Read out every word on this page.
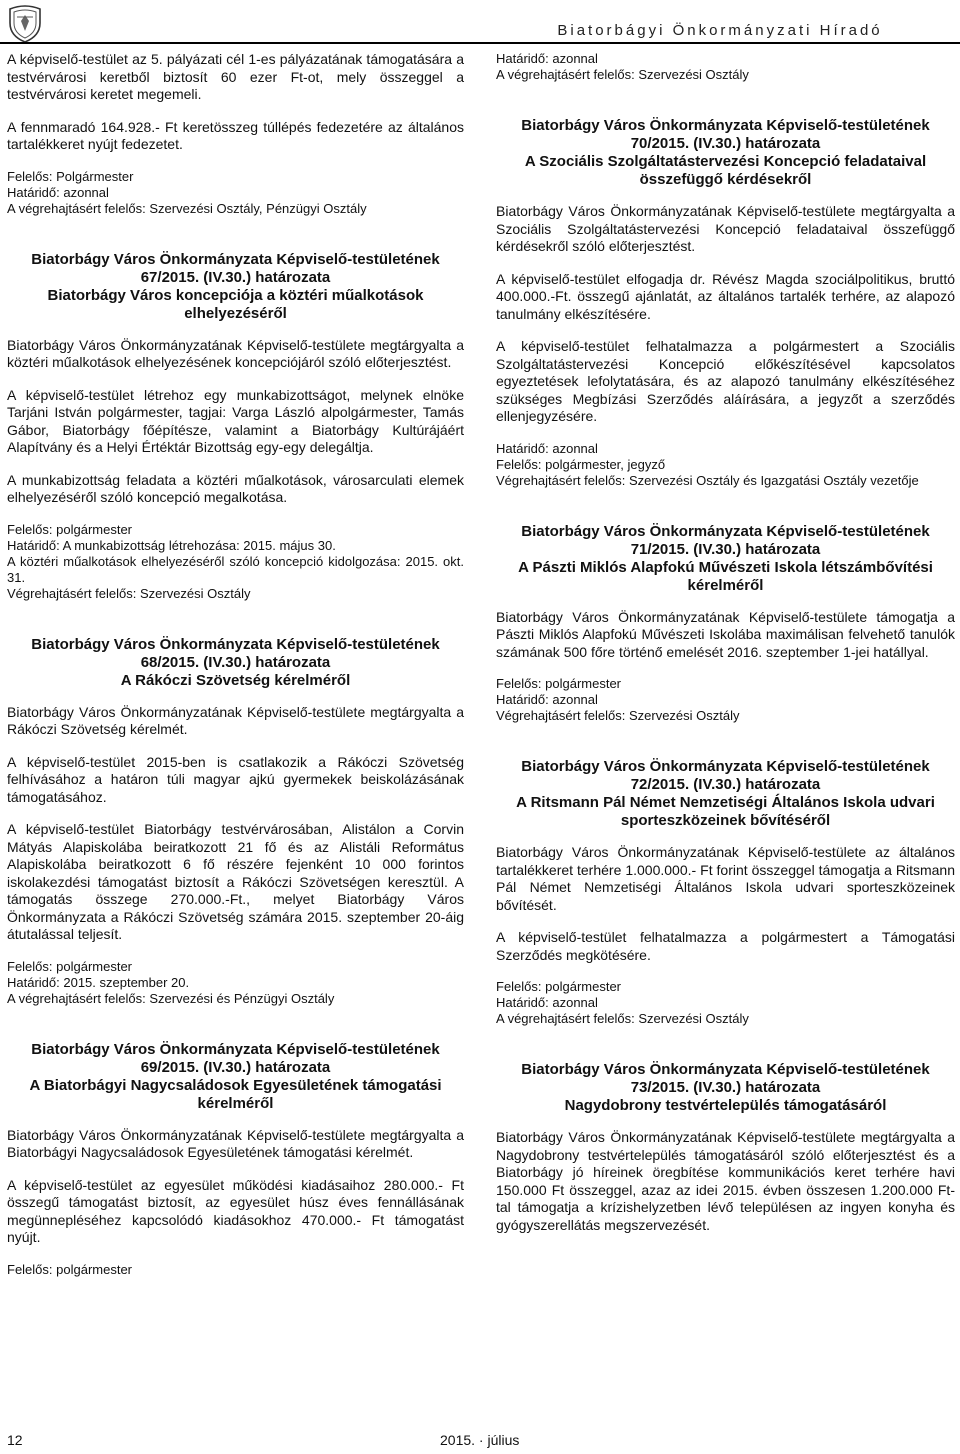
Biatorbágyi Önkormányzati Híradó

A képviselő-testület az 5. pályázati cél 1-es pályázatának támogatására a testvérvárosi keretből biztosít 60 ezer Ft-ot, mely összeggel a testvérvárosi keretet megemeli.

A fennmaradó 164.928.- Ft keretösszeg túllépés fedezetére az általános tartalékkeret nyújt fedezetet.

Felelős: Polgármester

Határidő: azonnal

A végrehajtásért felelős: Szervezési Osztály, Pénzügyi Osztály

Biatorbágy Város Önkormányzata Képviselő-testületének
67/2015. (IV.30.) határozata
Biatorbágy Város koncepciója a köztéri műalkotások elhelyezéséről

Biatorbágy Város Önkormányzatának Képviselő-testülete megtárgyalta a köztéri műalkotások elhelyezésének koncepciójáról szóló előterjesztést.

A képviselő-testület létrehoz egy munkabizottságot, melynek elnöke Tarjáni István polgármester, tagjai: Varga László alpolgármester, Tamás Gábor, Biatorbágy főépítésze, valamint a Biatorbágy Kultúrájáért Alapítvány és a Helyi Értéktár Bizottság egy-egy delegáltja.

A munkabizottság feladata a köztéri műalkotások, városarculati elemek elhelyezéséről szóló koncepció megalkotása.

Felelős: polgármester

Határidő: A munkabizottság létrehozása: 2015. május 30.

A köztéri műalkotások elhelyezéséről szóló koncepció kidolgozása: 2015. okt. 31.

Végrehajtásért felelős: Szervezési Osztály

Biatorbágy Város Önkormányzata Képviselő-testületének
68/2015. (IV.30.) határozata
A Rákóczi Szövetség kérelméről

Biatorbágy Város Önkormányzatának Képviselő-testülete megtárgyalta a Rákóczi Szövetség kérelmét.

A képviselő-testület 2015-ben is csatlakozik a Rákóczi Szövetség felhívásához a határon túli magyar ajkú gyermekek beiskolázásának támogatásához.

A képviselő-testület Biatorbágy testvérvárosában, Alistálon a Corvin Mátyás Alapiskolába beiratkozott 21 fő és az Alistáli Református Alapiskolába beiratkozott 6 fő részére fejenként 10 000 forintos iskolakezdési támogatást biztosít a Rákóczi Szövetségen keresztül. A támogatás összege 270.000.-Ft., melyet Biatorbágy Város Önkormányzata a Rákóczi Szövetség számára 2015. szeptember 20-áig átutalással teljesít.

Felelős: polgármester

Határidő: 2015. szeptember 20.

A végrehajtásért felelős: Szervezési és Pénzügyi Osztály

Biatorbágy Város Önkormányzata Képviselő-testületének
69/2015. (IV.30.) határozata
A Biatorbágyi Nagycsaládosok Egyesületének támogatási kérelméről

Biatorbágy Város Önkormányzatának Képviselő-testülete megtárgyalta a Biatorbágyi Nagycsaládosok Egyesületének támogatási kérelmét.

A képviselő-testület az egyesület működési kiadásaihoz 280.000.- Ft összegű támogatást biztosít, az egyesület húsz éves fennállásának megünnepléséhez kapcsolódó kiadásokhoz 470.000.- Ft támogatást nyújt.

Felelős: polgármester

Határidő: azonnal

A végrehajtásért felelős: Szervezési Osztály

Biatorbágy Város Önkormányzata Képviselő-testületének
70/2015. (IV.30.) határozata
A Szociális Szolgáltatástervezési Koncepció feladataival összefüggő kérdésekről

Biatorbágy Város Önkormányzatának Képviselő-testülete megtárgyalta a Szociális Szolgáltatástervezési Koncepció feladataival összefüggő kérdésekről szóló előterjesztést.

A képviselő-testület elfogadja dr. Révész Magda szociálpolitikus, bruttó 400.000.-Ft. összegű ajánlatát, az általános tartalék terhére, az alapozó tanulmány elkészítésére.

A képviselő-testület felhatalmazza a polgármestert a Szociális Szolgáltatástervezési Koncepció előkészítésével kapcsolatos egyeztetések lefolytatására, és az alapozó tanulmány elkészítéséhez szükséges Megbízási Szerződés aláírására, a jegyzőt a szerződés ellenjegyzésére.

Határidő: azonnal

Felelős: polgármester, jegyző

Végrehajtásért felelős: Szervezési Osztály és Igazgatási Osztály vezetője

Biatorbágy Város Önkormányzata Képviselő-testületének
71/2015. (IV.30.) határozata
A Pászti Miklós Alapfokú Művészeti Iskola létszámbővítési kérelméről

Biatorbágy Város Önkormányzatának Képviselő-testülete támogatja a Pászti Miklós Alapfokú Művészeti Iskolába maximálisan felvehető tanulók számának 500 főre történő emelését 2016. szeptember 1-jei hatállyal.

Felelős: polgármester

Határidő: azonnal

Végrehajtásért felelős: Szervezési Osztály

Biatorbágy Város Önkormányzata Képviselő-testületének
72/2015. (IV.30.) határozata
A Ritsmann Pál Német Nemzetiségi Általános Iskola udvari sporteszközeinek bővítéséről

Biatorbágy Város Önkormányzatának Képviselő-testülete az általános tartalékkeret terhére 1.000.000.- Ft forint összeggel támogatja a Ritsmann Pál Német Nemzetiségi Általános Iskola udvari sporteszközeinek bővítését.

A képviselő-testület felhatalmazza a polgármestert a Támogatási Szerződés megkötésére.

Felelős: polgármester

Határidő: azonnal

A végrehajtásért felelős: Szervezési Osztály

Biatorbágy Város Önkormányzata Képviselő-testületének
73/2015. (IV.30.) határozata
Nagydobrony testvértelepülés támogatásáról

Biatorbágy Város Önkormányzatának Képviselő-testülete megtárgyalta a Nagydobrony testvértelepülés támogatásáról szóló előterjesztést és a Biatorbágy jó híreinek öregbítése kommunikációs keret terhére havi 150.000 Ft összeggel, azaz az idei 2015. évben összesen 1.200.000 Ft-tal támogatja a krízishelyzetben lévő településen az ingyen konyha és gyógyszerellátás megszervezését.

12	2015. · július
